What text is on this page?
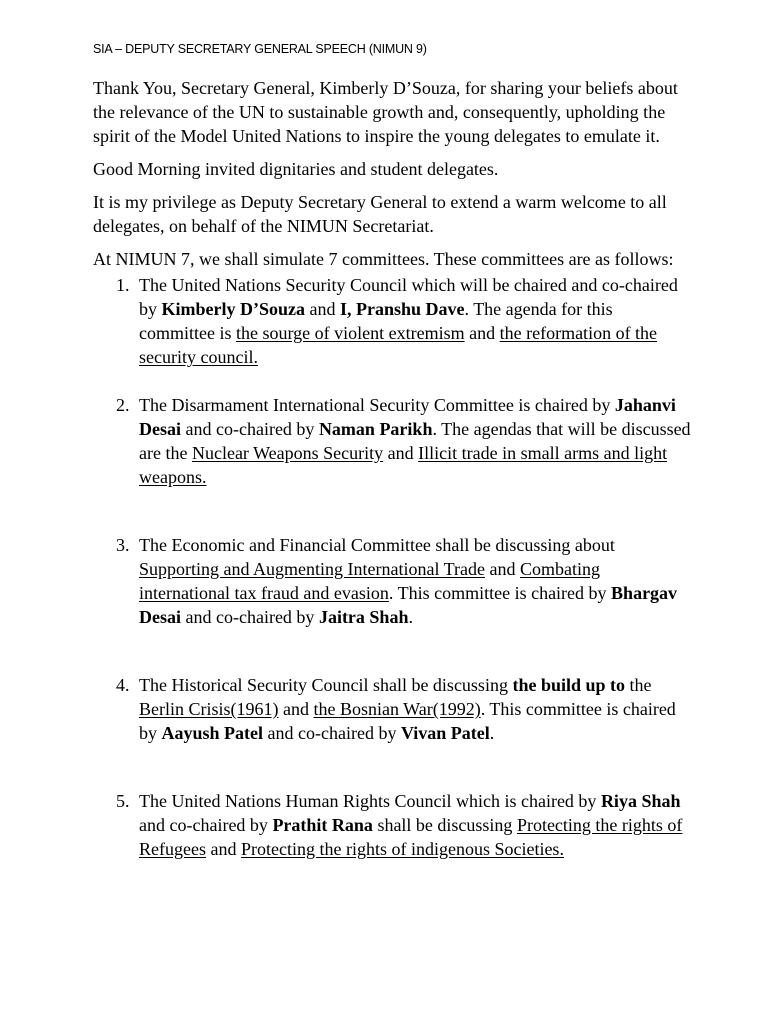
SIA – DEPUTY SECRETARY GENERAL SPEECH (NIMUN 9)

Thank You, Secretary General, Kimberly D’Souza, for sharing your beliefs about the relevance of the UN to sustainable growth and, consequently, upholding the spirit of the Model United Nations to inspire the young delegates to emulate it.

Good Morning invited dignitaries and student delegates.

It is my privilege as Deputy Secretary General to extend a warm welcome to all delegates, on behalf of the NIMUN Secretariat.

At NIMUN 7, we shall simulate 7 committees. These committees are as follows:

1. The United Nations Security Council which will be chaired and co-chaired by Kimberly D’Souza and I, Pranshu Dave. The agenda for this committee is the sourge of violent extremism and the reformation of the security council.
2. The Disarmament International Security Committee is chaired by Jahanvi Desai and co-chaired by Naman Parikh. The agendas that will be discussed are the Nuclear Weapons Security and Illicit trade in small arms and light weapons.
3. The Economic and Financial Committee shall be discussing about Supporting and Augmenting International Trade and Combating international tax fraud and evasion. This committee is chaired by Bhargav Desai and co-chaired by Jaitra Shah.
4. The Historical Security Council shall be discussing the build up to the Berlin Crisis(1961) and the Bosnian War(1992). This committee is chaired by Aayush Patel and co-chaired by Vivan Patel.
5. The United Nations Human Rights Council which is chaired by Riya Shah and co-chaired by Prathit Rana shall be discussing Protecting the rights of Refugees and Protecting the rights of indigenous Societies.
